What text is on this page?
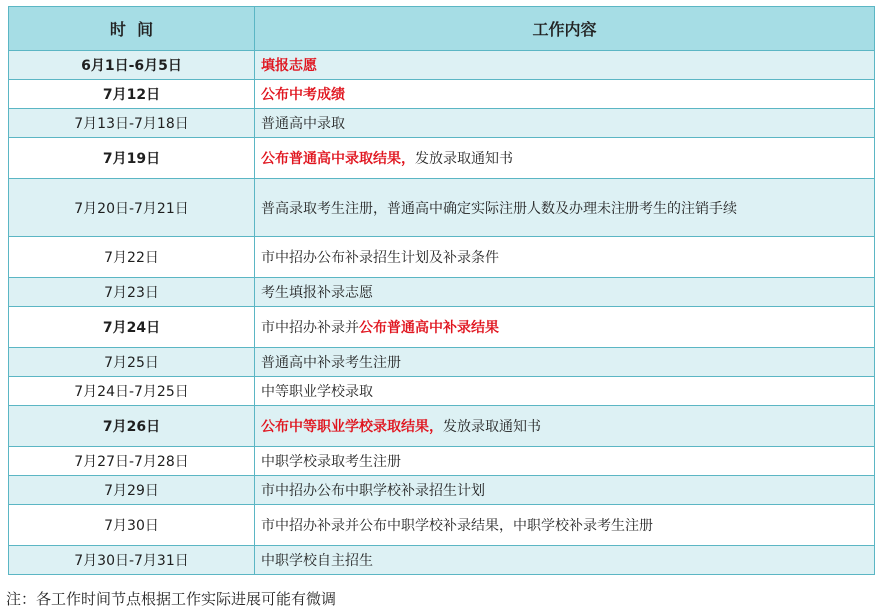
时  间	工作内容
6月1日-6月5日	填报志愿
7月12日	公布中考成绩
7月13日-7月18日	普通高中录取
7月19日	公布普通高中录取结果，发放录取通知书
7月20日-7月21日	普高录取考生注册，普通高中确定实际注册人数及办理未注册考生的注销手续
7月22日	市中招办公布补录招生计划及补录条件
7月23日	考生填报补录志愿
7月24日	市中招办补录并公布普通高中补录结果
7月25日	普通高中补录考生注册
7月24日-7月25日	中等职业学校录取
7月26日	公布中等职业学校录取结果，发放录取通知书
7月27日-7月28日	中职学校录取考生注册
7月29日	市中招办公布中职学校补录招生计划
7月30日	市中招办补录并公布中职学校补录结果，中职学校补录考生注册
7月30日-7月31日	中职学校自主招生
注：各工作时间节点根据工作实际进展可能有微调
